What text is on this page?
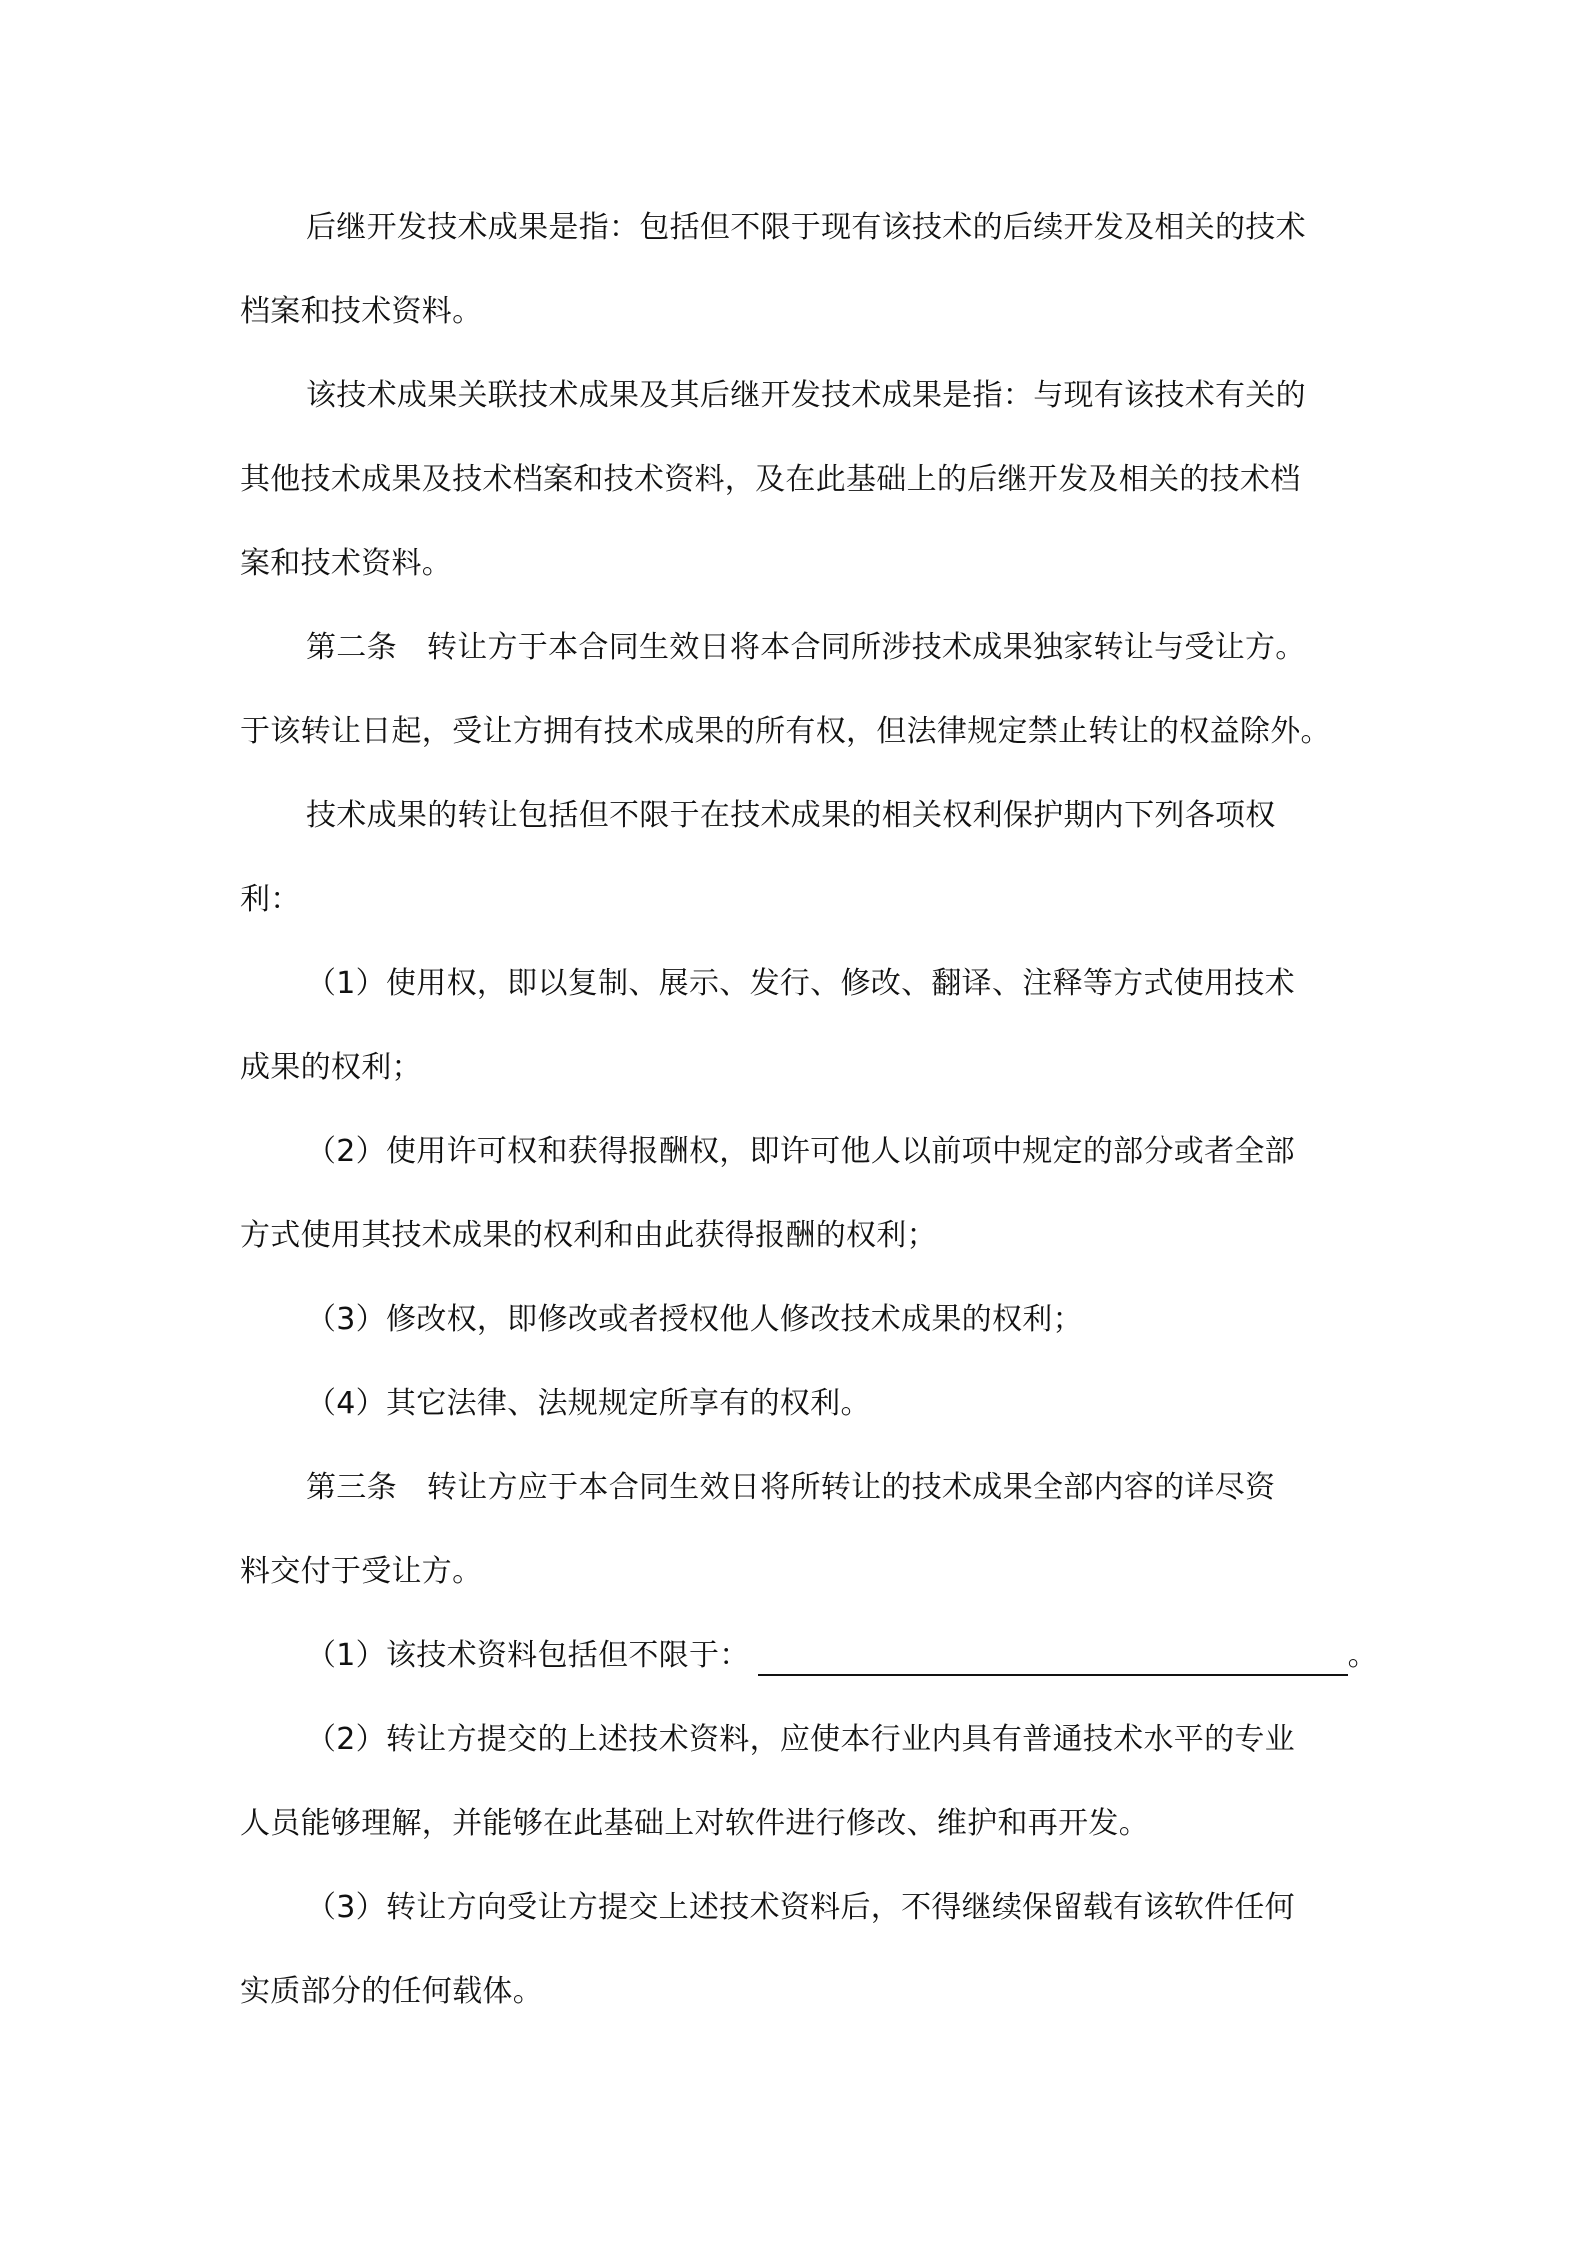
后继开发技术成果是指：包括但不限于现有该技术的后续开发及相关的技术
档案和技术资料。
该技术成果关联技术成果及其后继开发技术成果是指：与现有该技术有关的
其他技术成果及技术档案和技术资料，及在此基础上的后继开发及相关的技术档
案和技术资料。
第二条 转让方于本合同生效日将本合同所涉技术成果独家转让与受让方。
于该转让日起，受让方拥有技术成果的所有权，但法律规定禁止转让的权益除外。
技术成果的转让包括但不限于在技术成果的相关权利保护期内下列各项权
利：
（1）使用权，即以复制、展示、发行、修改、翻译、注释等方式使用技术
成果的权利；
（2）使用许可权和获得报酬权，即许可他人以前项中规定的部分或者全部
方式使用其技术成果的权利和由此获得报酬的权利；
（3）修改权，即修改或者授权他人修改技术成果的权利；
（4）其它法律、法规规定所享有的权利。
第三条 转让方应于本合同生效日将所转让的技术成果全部内容的详尽资
料交付于受让方。
（1）该技术资料包括但不限于：	。
（2）转让方提交的上述技术资料，应使本行业内具有普通技术水平的专业
人员能够理解，并能够在此基础上对软件进行修改、维护和再开发。
（3）转让方向受让方提交上述技术资料后，不得继续保留载有该软件任何
实质部分的任何载体。
